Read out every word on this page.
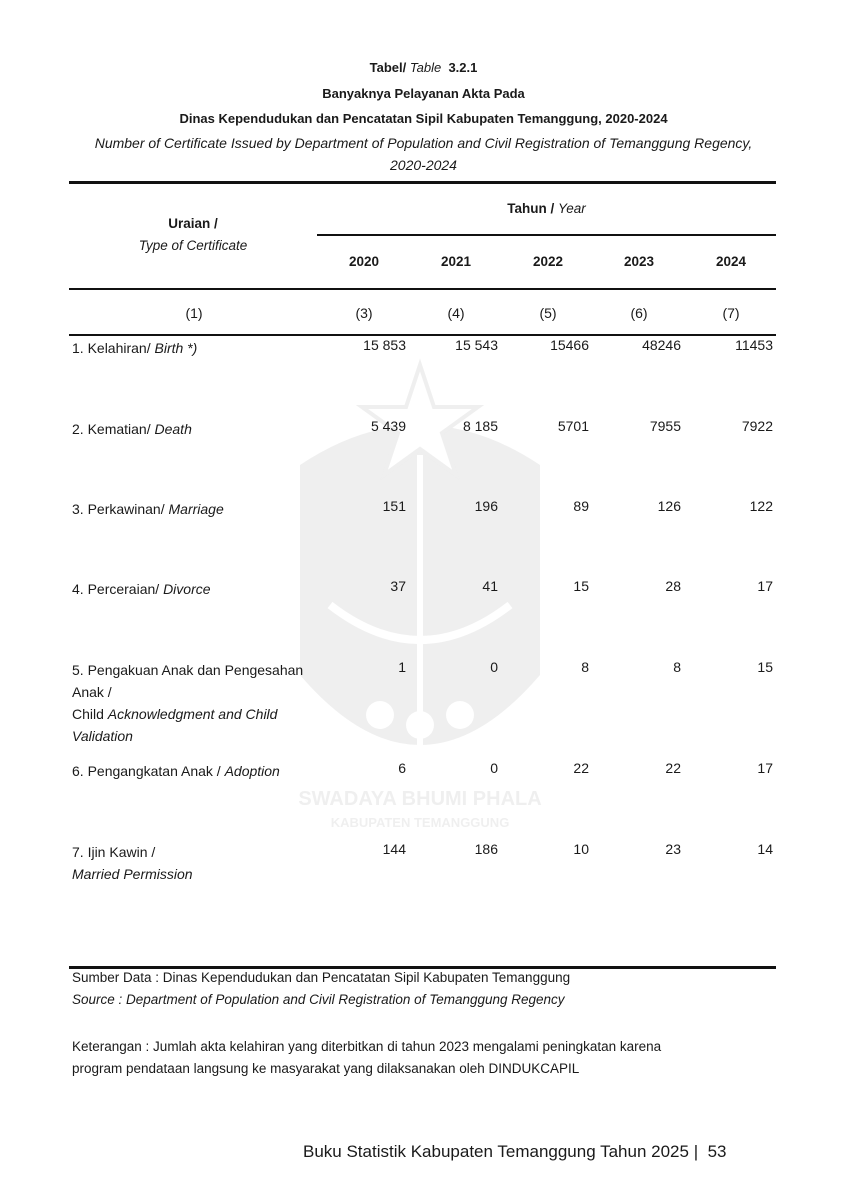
SWADAYA BHUMI PHALA
KABUPATEN TEMANGGUNG
Tabel/ Table 3.2.1
Banyaknya Pelayanan Akta Pada
Dinas Kependudukan dan Pencatatan Sipil Kabupaten Temanggung, 2020-2024
Number of Certificate Issued by Department of Population and Civil Registration of Temanggung Regency,
2020-2024
Uraian /
Type of Certificate
Tahun / Year
2020	2021	2022	2023	2024
(1)	(3)	(4)	(5)	(6)	(7)
1. Kelahiran/ Birth *)	15 853	15 543	15466	48246	11453
2. Kematian/ Death	5 439	8 185	5701	7955	7922
3. Perkawinan/ Marriage	151	196	89	126	122
4. Perceraian/ Divorce	37	41	15	28	17
5. Pengakuan Anak dan Pengesahan Anak /
Child Acknowledgment and Child Validation
1	0	8	8	15
6. Pengangkatan Anak / Adoption	6	0	22	22	17
7. Ijin Kawin /
Married Permission
144	186	10	23	14
Sumber Data : Dinas Kependudukan dan Pencatatan Sipil Kabupaten Temanggung
Source : Department of Population and Civil Registration of Temanggung Regency
Keterangan : Jumlah akta kelahiran yang diterbitkan di tahun 2023 mengalami peningkatan karena
program pendataan langsung ke masyarakat yang dilaksanakan oleh DINDUKCAPIL
Buku Statistik Kabupaten Temanggung Tahun 2025 | 53
